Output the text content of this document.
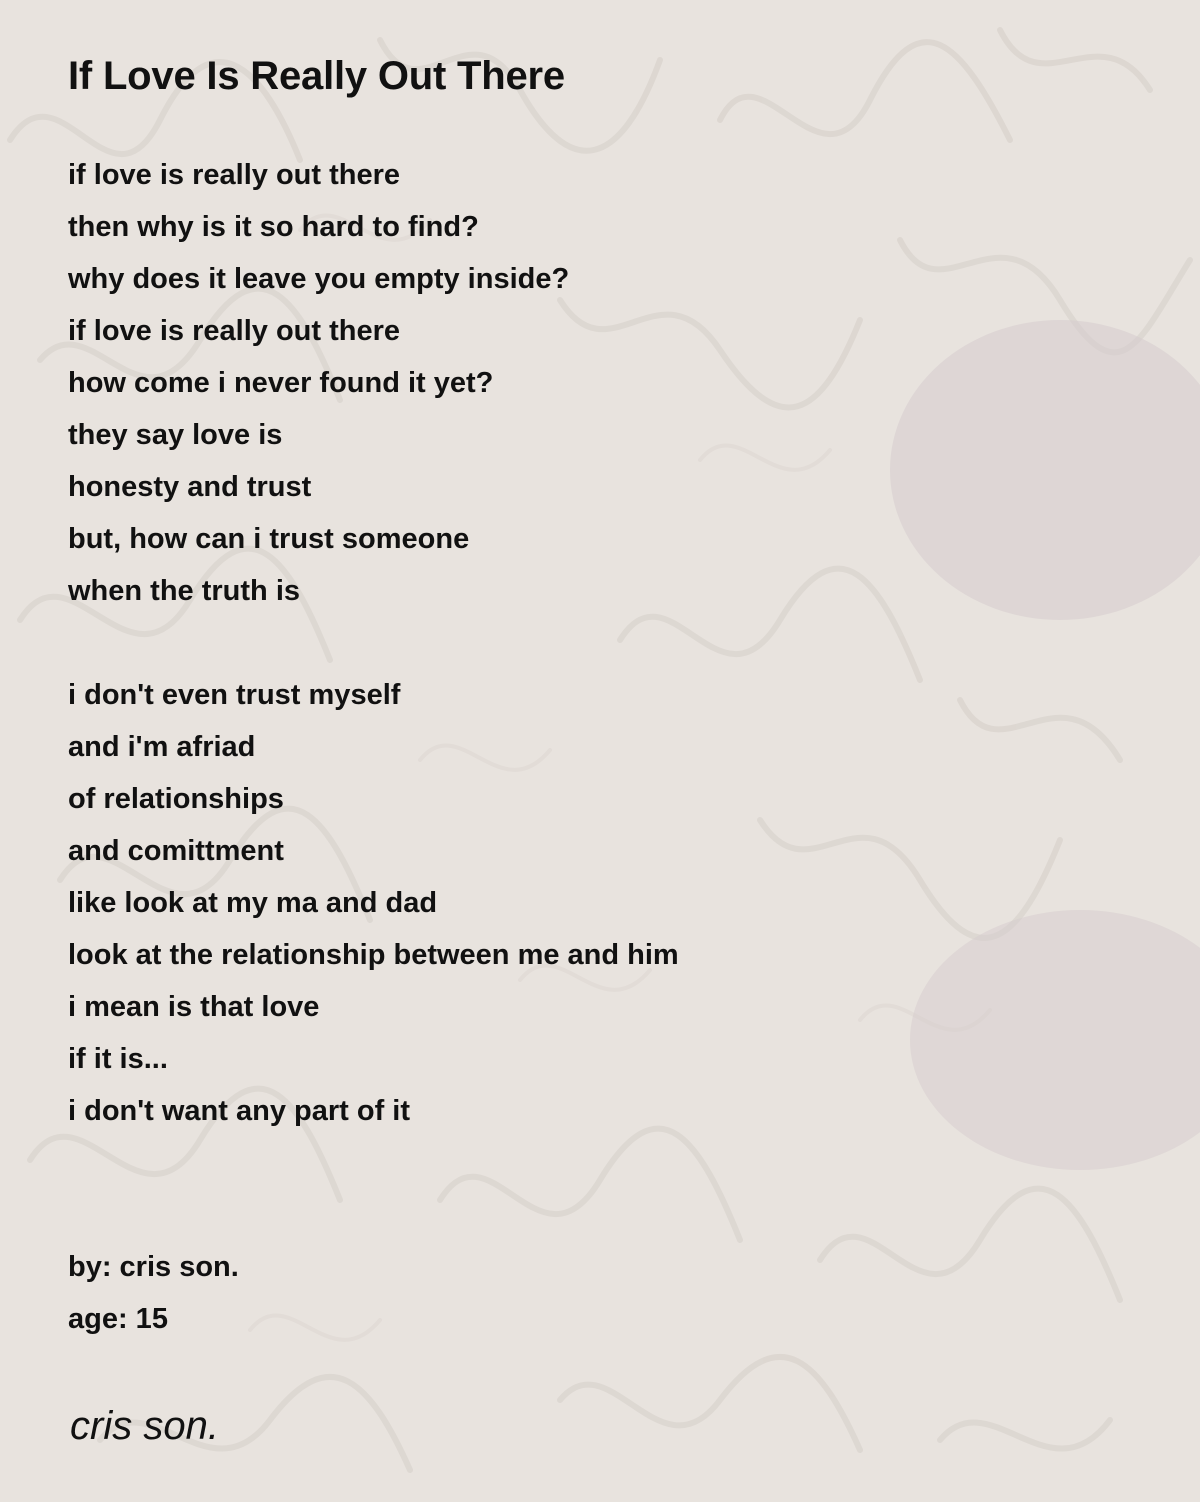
If Love Is Really Out There
if love is really out there
then why is it so hard to find?
why does it leave you empty inside?
if love is really out there
how come i never found it yet?
they say love is
honesty and trust
but, how can i trust someone
when the truth is
i don't even trust myself
and i'm afriad
of relationships
and comittment
like look at my ma and dad
look at the relationship between me and him
i mean is that love
if it is...
i don't want any part of it
by: cris son.
age: 15
cris son.
